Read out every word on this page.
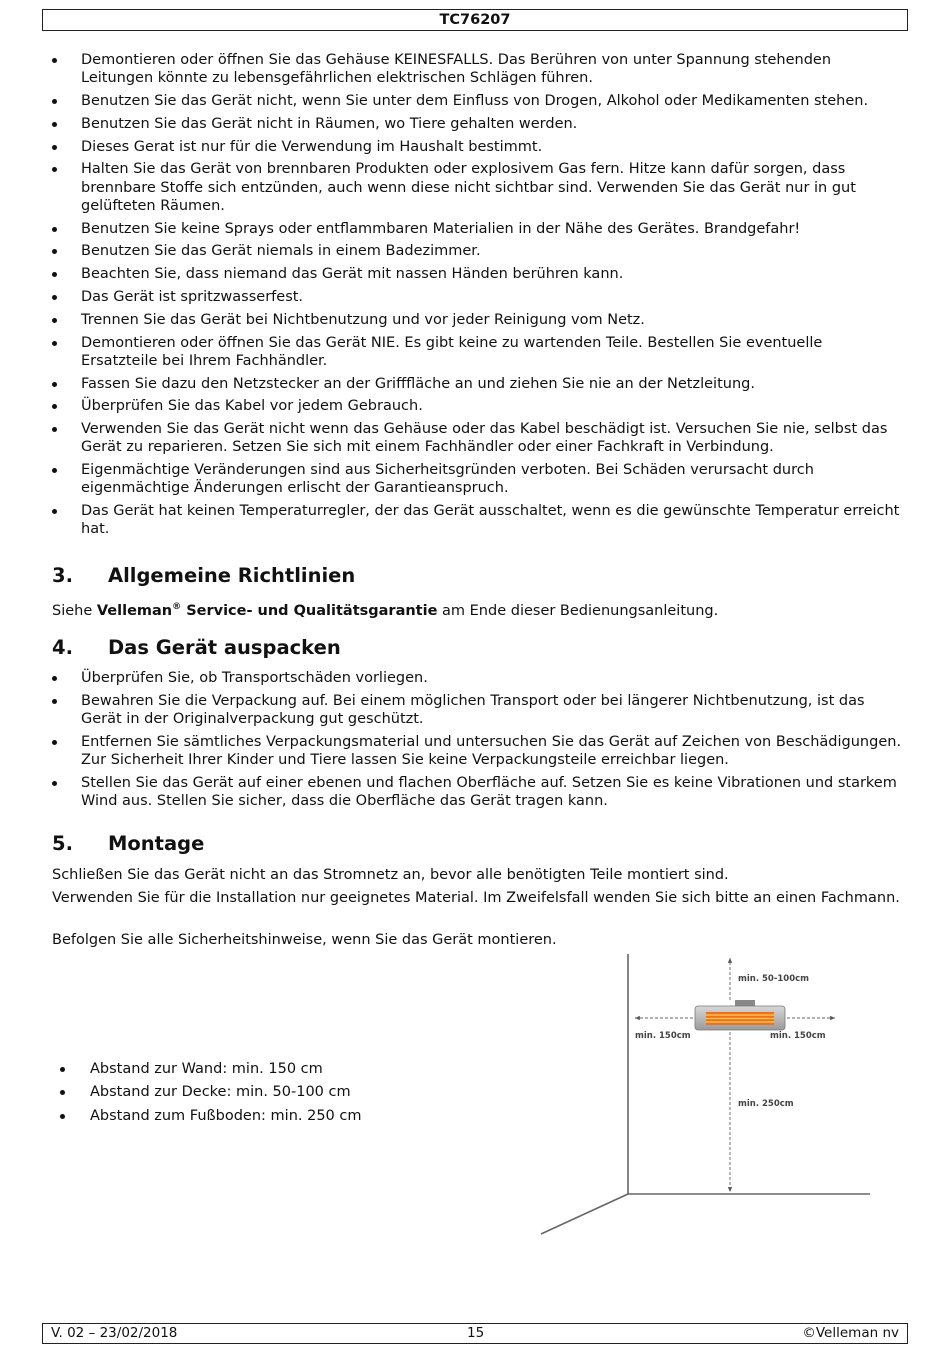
TC76207
Demontieren oder öffnen Sie das Gehäuse KEINESFALLS. Das Berühren von unter Spannung stehenden Leitungen könnte zu lebensgefährlichen elektrischen Schlägen führen.
Benutzen Sie das Gerät nicht, wenn Sie unter dem Einfluss von Drogen, Alkohol oder Medikamenten stehen.
Benutzen Sie das Gerät nicht in Räumen, wo Tiere gehalten werden.
Dieses Gerat ist nur für die Verwendung im Haushalt bestimmt.
Halten Sie das Gerät von brennbaren Produkten oder explosivem Gas fern. Hitze kann dafür sorgen, dass brennbare Stoffe sich entzünden, auch wenn diese nicht sichtbar sind. Verwenden Sie das Gerät nur in gut gelüfteten Räumen.
Benutzen Sie keine Sprays oder entflammbaren Materialien in der Nähe des Gerätes. Brandgefahr!
Benutzen Sie das Gerät niemals in einem Badezimmer.
Beachten Sie, dass niemand das Gerät mit nassen Händen berühren kann.
Das Gerät ist spritzwasserfest.
Trennen Sie das Gerät bei Nichtbenutzung und vor jeder Reinigung vom Netz.
Demontieren oder öffnen Sie das Gerät NIE. Es gibt keine zu wartenden Teile. Bestellen Sie eventuelle Ersatzteile bei Ihrem Fachhändler.
Fassen Sie dazu den Netzstecker an der Grifffläche an und ziehen Sie nie an der Netzleitung.
Überprüfen Sie das Kabel vor jedem Gebrauch.
Verwenden Sie das Gerät nicht wenn das Gehäuse oder das Kabel beschädigt ist. Versuchen Sie nie, selbst das Gerät zu reparieren. Setzen Sie sich mit einem Fachhändler oder einer Fachkraft in Verbindung.
Eigenmächtige Veränderungen sind aus Sicherheitsgründen verboten. Bei Schäden verursacht durch eigenmächtige Änderungen erlischt der Garantieanspruch.
Das Gerät hat keinen Temperaturregler, der das Gerät ausschaltet, wenn es die gewünschte Temperatur erreicht hat.
3. Allgemeine Richtlinien
Siehe Velleman® Service- und Qualitätsgarantie am Ende dieser Bedienungsanleitung.
4. Das Gerät auspacken
Überprüfen Sie, ob Transportschäden vorliegen.
Bewahren Sie die Verpackung auf. Bei einem möglichen Transport oder bei längerer Nichtbenutzung, ist das Gerät in der Originalverpackung gut geschützt.
Entfernen Sie sämtliches Verpackungsmaterial und untersuchen Sie das Gerät auf Zeichen von Beschädigungen. Zur Sicherheit Ihrer Kinder und Tiere lassen Sie keine Verpackungsteile erreichbar liegen.
Stellen Sie das Gerät auf einer ebenen und flachen Oberfläche auf. Setzen Sie es keine Vibrationen und starkem Wind aus. Stellen Sie sicher, dass die Oberfläche das Gerät tragen kann.
5. Montage
Schließen Sie das Gerät nicht an das Stromnetz an, bevor alle benötigten Teile montiert sind.
Verwenden Sie für die Installation nur geeignetes Material. Im Zweifelsfall wenden Sie sich bitte an einen Fachmann.
Befolgen Sie alle Sicherheitshinweise, wenn Sie das Gerät montieren.
Abstand zur Wand: min. 150 cm
Abstand zur Decke: min. 50-100 cm
Abstand zum Fußboden: min. 250 cm
min. 50-100cm
min. 150cm	min. 150cm
min. 250cm
V. 02 – 23/02/2018	15	©Velleman nv
